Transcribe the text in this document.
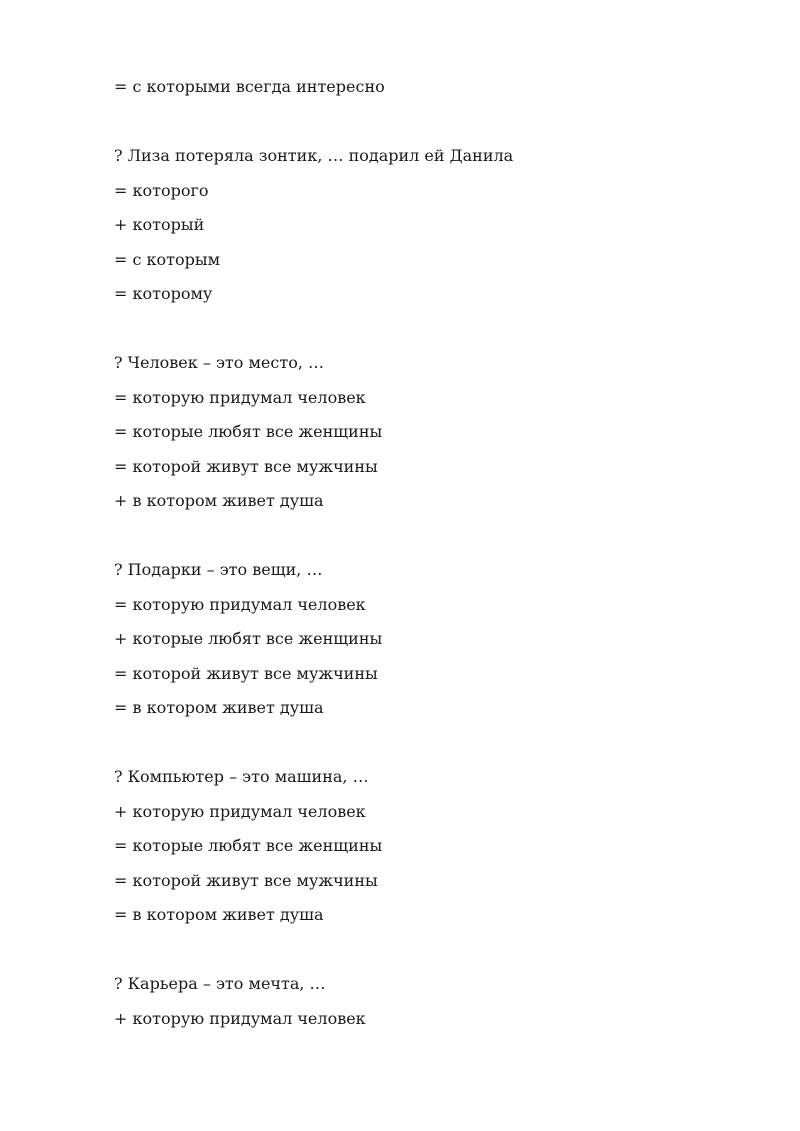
= с которыми всегда интересно
? Лиза потеряла зонтик, … подарил ей Данила
= которого
+ который
= с которым
= которому
? Человек – это место, …
= которую придумал человек
= которые любят все женщины
= которой живут все мужчины
+ в котором живет душа
? Подарки – это вещи, …
= которую придумал человек
+ которые любят все женщины
= которой живут все мужчины
= в котором живет душа
? Компьютер – это машина, …
+ которую придумал человек
= которые любят все женщины
= которой живут все мужчины
= в котором живет душа
? Карьера – это мечта, …
+ которую придумал человек
